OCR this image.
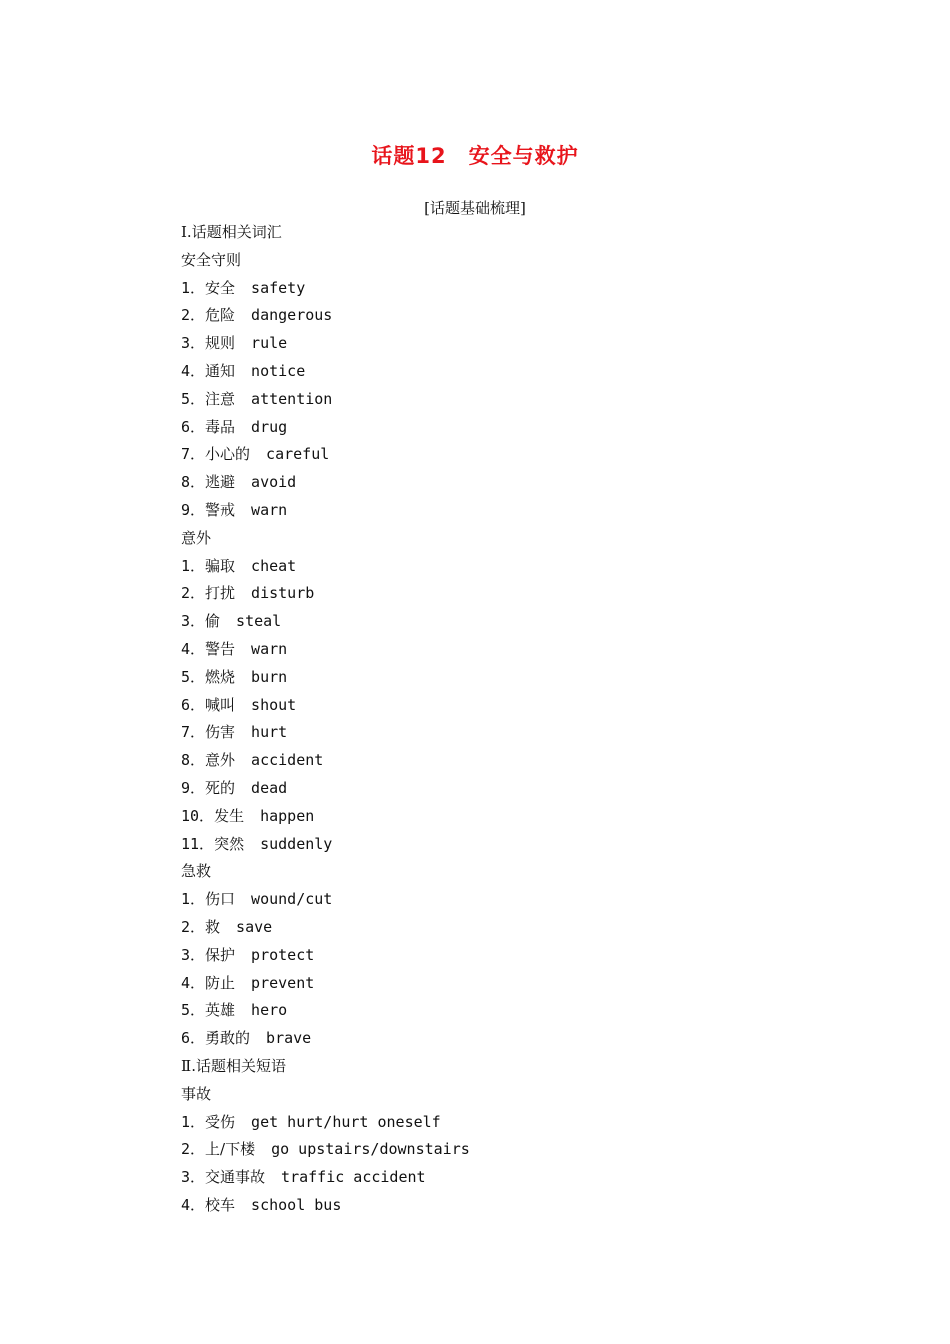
话题12 安全与救护
[话题基础梳理]
Ⅰ.话题相关词汇
安全守则
1．安全 safety
2．危险 dangerous
3．规则 rule
4．通知 notice
5．注意 attention
6．毒品 drug
7．小心的 careful
8．逃避 avoid
9．警戒 warn
意外
1．骗取 cheat
2．打扰 disturb
3．偷 steal
4．警告 warn
5．燃烧 burn
6．喊叫 shout
7．伤害 hurt
8．意外 accident
9．死的 dead
10．发生 happen
11．突然 suddenly
急救
1．伤口 wound/cut
2．救 save
3．保护 protect
4．防止 prevent
5．英雄 hero
6．勇敢的 brave
Ⅱ.话题相关短语
事故
1．受伤 get hurt/hurt oneself
2．上/下楼 go upstairs/downstairs
3．交通事故 traffic accident
4．校车 school bus
